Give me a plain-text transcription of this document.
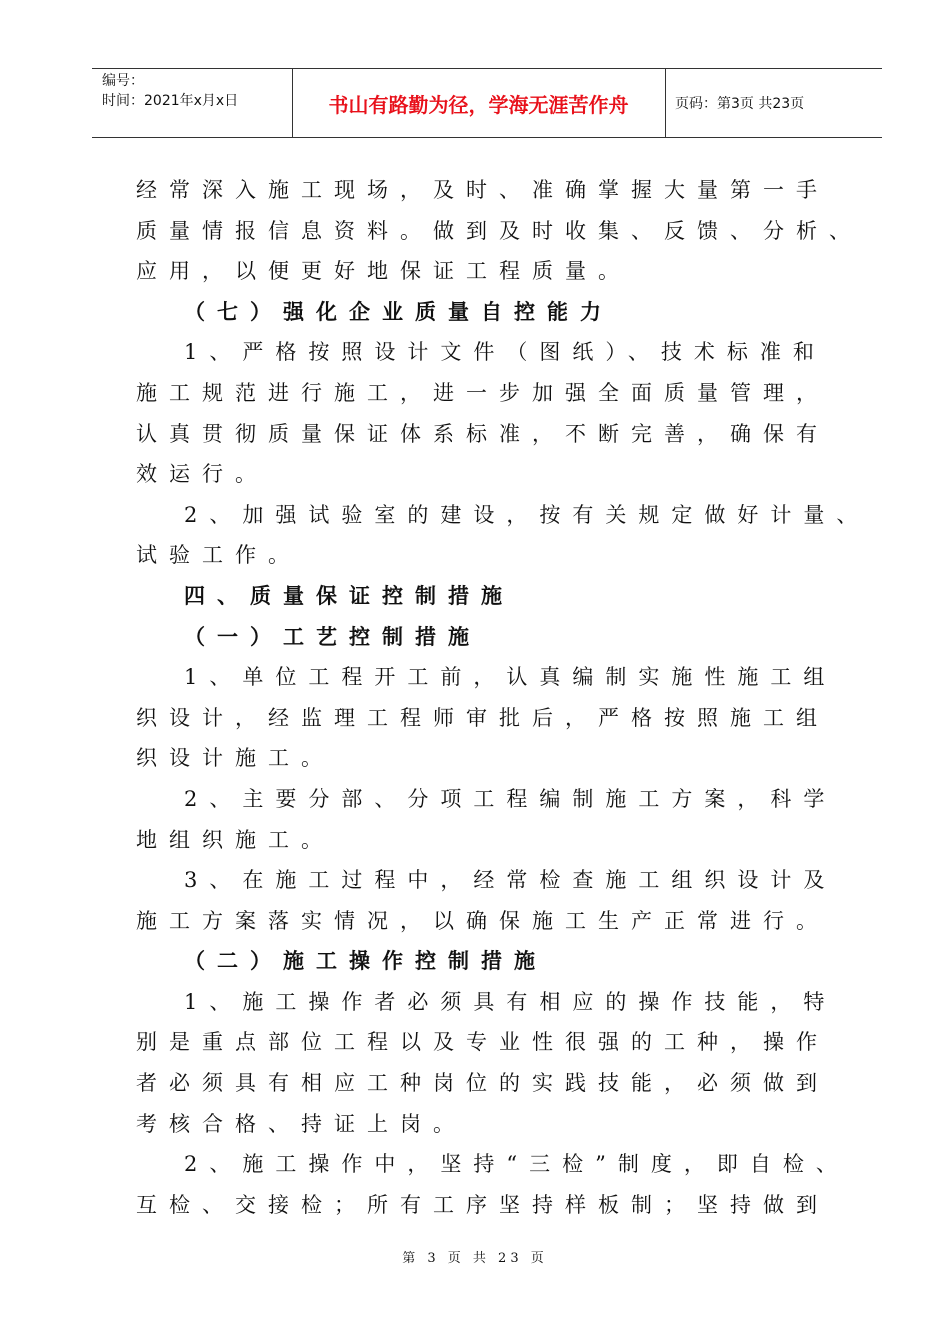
编号：
时间：2021年x月x日	书山有路勤为径，学海无涯苦作舟	页码：第3页 共23页
经常深入施工现场，及时、准确掌握大量第一手
质量情报信息资料。做到及时收集、反馈、分析、
应用，以便更好地保证工程质量。
（七）强化企业质量自控能力
1、严格按照设计文件（图纸）、技术标准和
施工规范进行施工，进一步加强全面质量管理，
认真贯彻质量保证体系标准，不断完善，确保有
效运行。
2、加强试验室的建设，按有关规定做好计量、
试验工作。
四、质量保证控制措施
（一）工艺控制措施
1、单位工程开工前，认真编制实施性施工组
织设计，经监理工程师审批后，严格按照施工组
织设计施工。
2、主要分部、分项工程编制施工方案，科学
地组织施工。
3、在施工过程中，经常检查施工组织设计及
施工方案落实情况，以确保施工生产正常进行。
（二）施工操作控制措施
1、施工操作者必须具有相应的操作技能，特
别是重点部位工程以及专业性很强的工种，操作
者必须具有相应工种岗位的实践技能，必须做到
考核合格、持证上岗。
2、施工操作中，坚持“三检”制度，即自检、
互检、交接检；所有工序坚持样板制；坚持做到
第 3 页 共 23 页
